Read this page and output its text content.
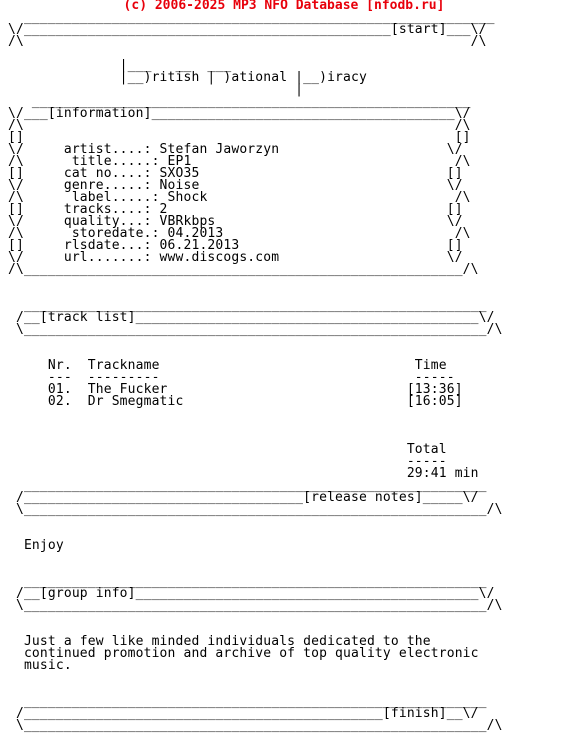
(c) 2006-2025 MP3 NFO Database [nfodb.ru]
___________________________________________________________
\/______________________________________________[start]___\/
/\                                                        /\

|___   __  ___
|__)ritish | )ational |__)iracy
|
_______________________________________________________
\/___[information]______________________________________\/
/\                                                      /\
[]                                                      []
\/     artist....: Stefan Jaworzyn                     \/
/\      title.....: EP1                                 /\
[]     cat no....: SXO35                               []
\/     genre.....: Noise                               \/
/\      label.....: Shock                               /\
[]     tracks....: 2                                   []
\/     quality...: VBRkbps                             \/
/\      storedate.: 04.2013                             /\
[]     rlsdate...: 06.21.2013                          []
\/     url.......: www.discogs.com                     \/
/\_______________________________________________________/\

__________________________________________________________
/__[track list]___________________________________________\/
\__________________________________________________________/\

Nr.  Trackname                                Time
---  ---------                                -----
01.  The Fucker                              [13:36]
02.  Dr Smegmatic                            [16:05]

Total
-----
29:41 min
__________________________________________________________
/___________________________________[release notes]_____\/
\__________________________________________________________/\

Enjoy

__________________________________________________________
/__[group info]___________________________________________\/
\__________________________________________________________/\

Just a few like minded individuals dedicated to the
continued promotion and archive of top quality electronic
music.

__________________________________________________________
/_____________________________________________[finish]__\/
\__________________________________________________________/\
